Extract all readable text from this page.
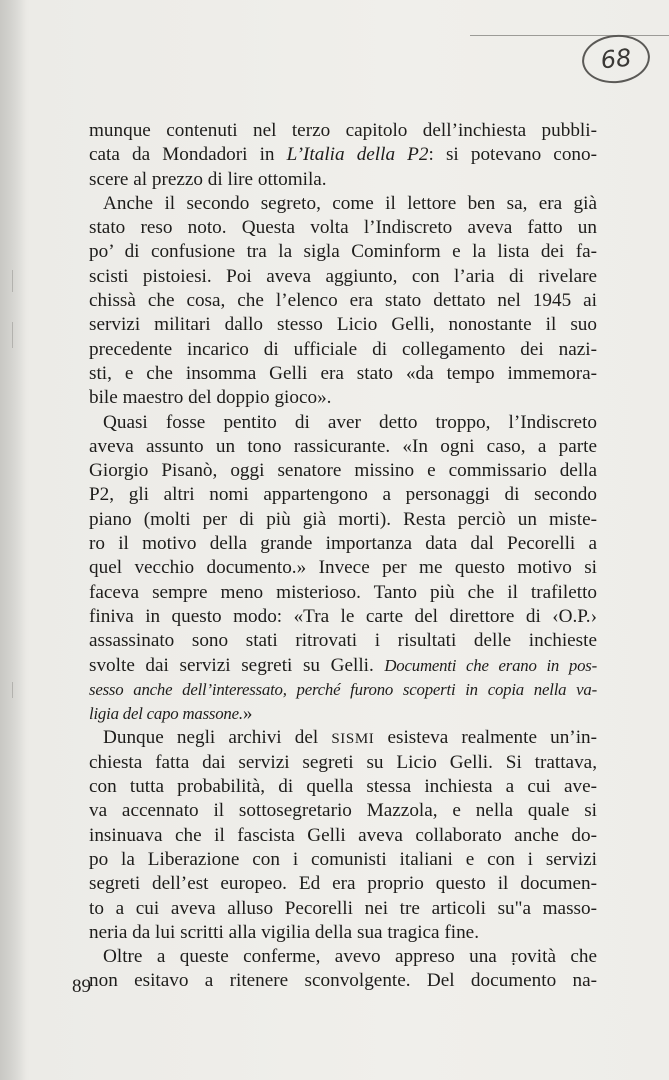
68
munque contenuti nel terzo capitolo dell’inchiesta pubbli-
cata da Mondadori in L’Italia della P2: si potevano cono-
scere al prezzo di lire ottomila.
Anche il secondo segreto, come il lettore ben sa, era già
stato reso noto. Questa volta l’Indiscreto aveva fatto un
po’ di confusione tra la sigla Cominform e la lista dei fa-
scisti pistoiesi. Poi aveva aggiunto, con l’aria di rivelare
chissà che cosa, che l’elenco era stato dettato nel 1945 ai
servizi militari dallo stesso Licio Gelli, nonostante il suo
precedente incarico di ufficiale di collegamento dei nazi-
sti, e che insomma Gelli era stato «da tempo immemora-
bile maestro del doppio gioco».
Quasi fosse pentito di aver detto troppo, l’Indiscreto
aveva assunto un tono rassicurante. «In ogni caso, a parte
Giorgio Pisanò, oggi senatore missino e commissario della
P2, gli altri nomi appartengono a personaggi di secondo
piano (molti per di più già morti). Resta perciò un miste-
ro il motivo della grande importanza data dal Pecorelli a
quel vecchio documento.» Invece per me questo motivo si
faceva sempre meno misterioso. Tanto più che il trafiletto
finiva in questo modo: «Tra le carte del direttore di ‹O.P.›
assassinato sono stati ritrovati i risultati delle inchieste
svolte dai servizi segreti su Gelli. Documenti che erano in pos-
sesso anche dell’interessato, perché furono scoperti in copia nella va-
ligia del capo massone.»
Dunque negli archivi del SISMI esisteva realmente un’in-
chiesta fatta dai servizi segreti su Licio Gelli. Si trattava,
con tutta probabilità, di quella stessa inchiesta a cui ave-
va accennato il sottosegretario Mazzola, e nella quale si
insinuava che il fascista Gelli aveva collaborato anche do-
po la Liberazione con i comunisti italiani e con i servizi
segreti dell’est europeo. Ed era proprio questo il documen-
to a cui aveva alluso Pecorelli nei tre articoli su"a masso-
neria da lui scritti alla vigilia della sua tragica fine.
Oltre a queste conferme, avevo appreso una ṛovità che
non esitavo a ritenere sconvolgente. Del documento na-
89
